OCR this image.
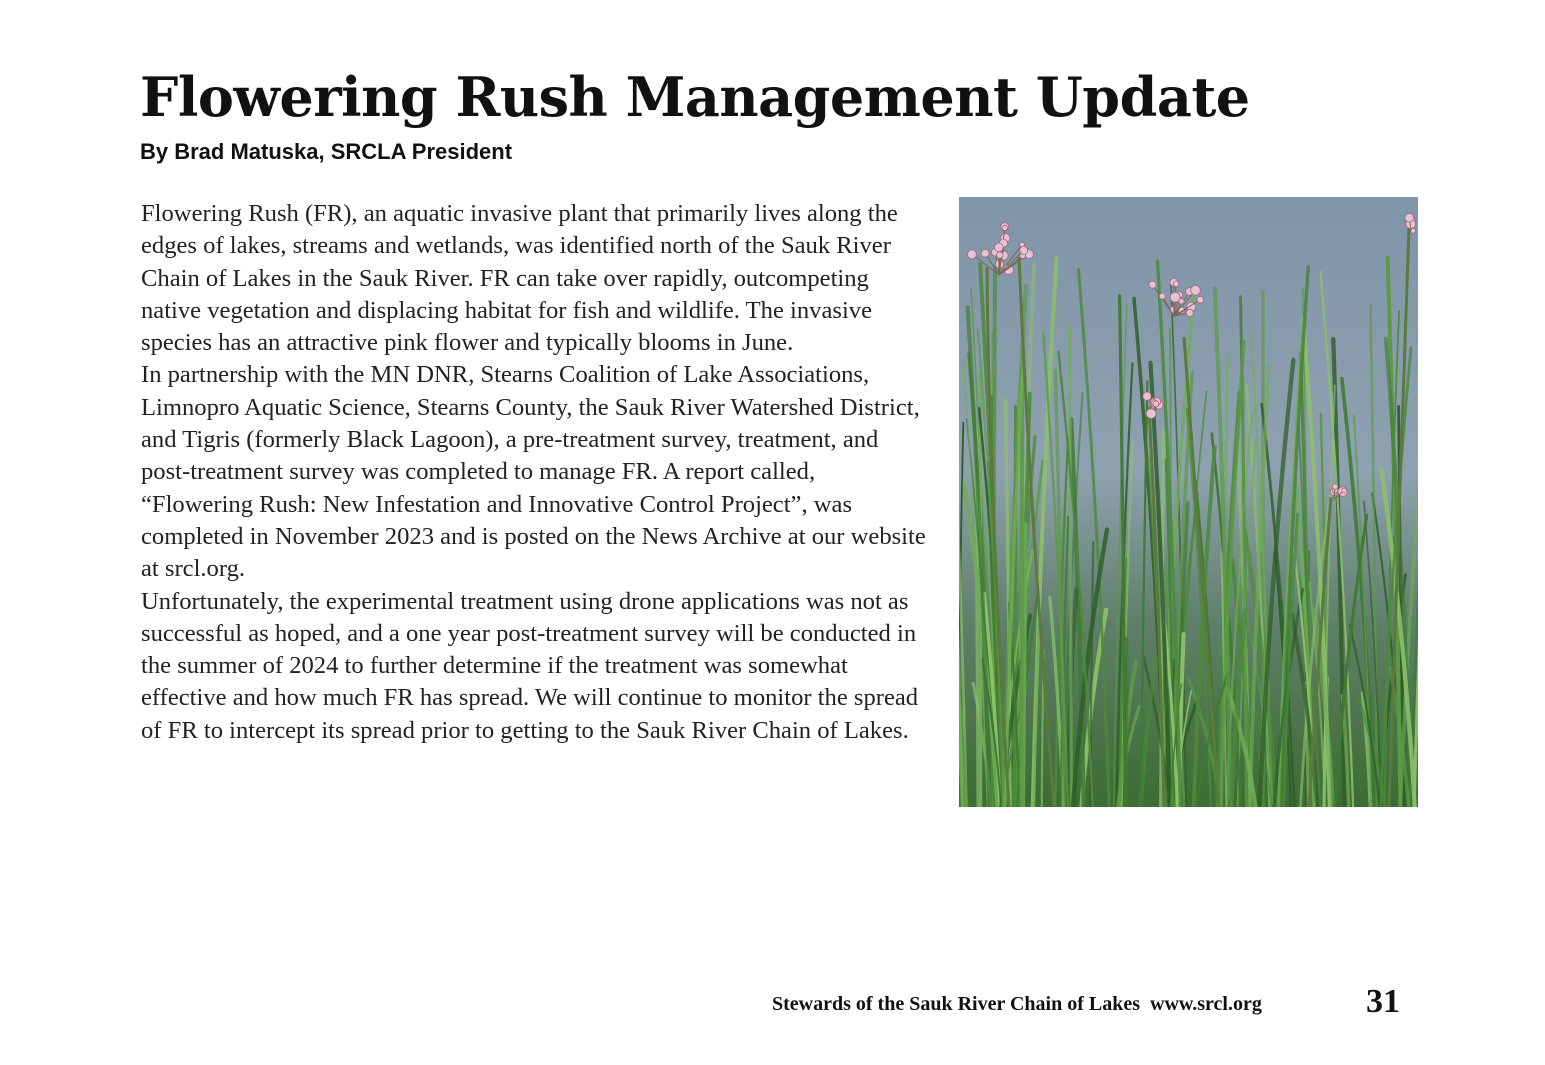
Flowering Rush Management Update
By Brad Matuska, SRCLA President

Flowering Rush (FR), an aquatic invasive plant that primarily lives along the edges of lakes, streams and wetlands, was identified north of the Sauk River Chain of Lakes in the Sauk River. FR can take over rapidly, outcompeting native vegetation and displacing habitat for fish and wildlife. The invasive species has an attractive pink flower and typically blooms in June.

In partnership with the MN DNR, Stearns Coalition of Lake Associations, Limnopro Aquatic Science, Stearns County, the Sauk River Watershed District, and Tigris (formerly Black Lagoon), a pre-treatment survey, treatment, and post-treatment survey was completed to manage FR. A report called, “Flowering Rush: New Infestation and Innovative Control Project”, was completed in November 2023 and is posted on the News Archive at our website at srcl.org.

Unfortunately, the experimental treatment using drone applications was not as successful as hoped, and a one year post-treatment survey will be conducted in the summer of 2024 to further determine if the treatment was somewhat effective and how much FR has spread. We will continue to monitor the spread of FR to intercept its spread prior to getting to the Sauk River Chain of Lakes.

Stewards of the Sauk River Chain of Lakes  www.srcl.org	31
